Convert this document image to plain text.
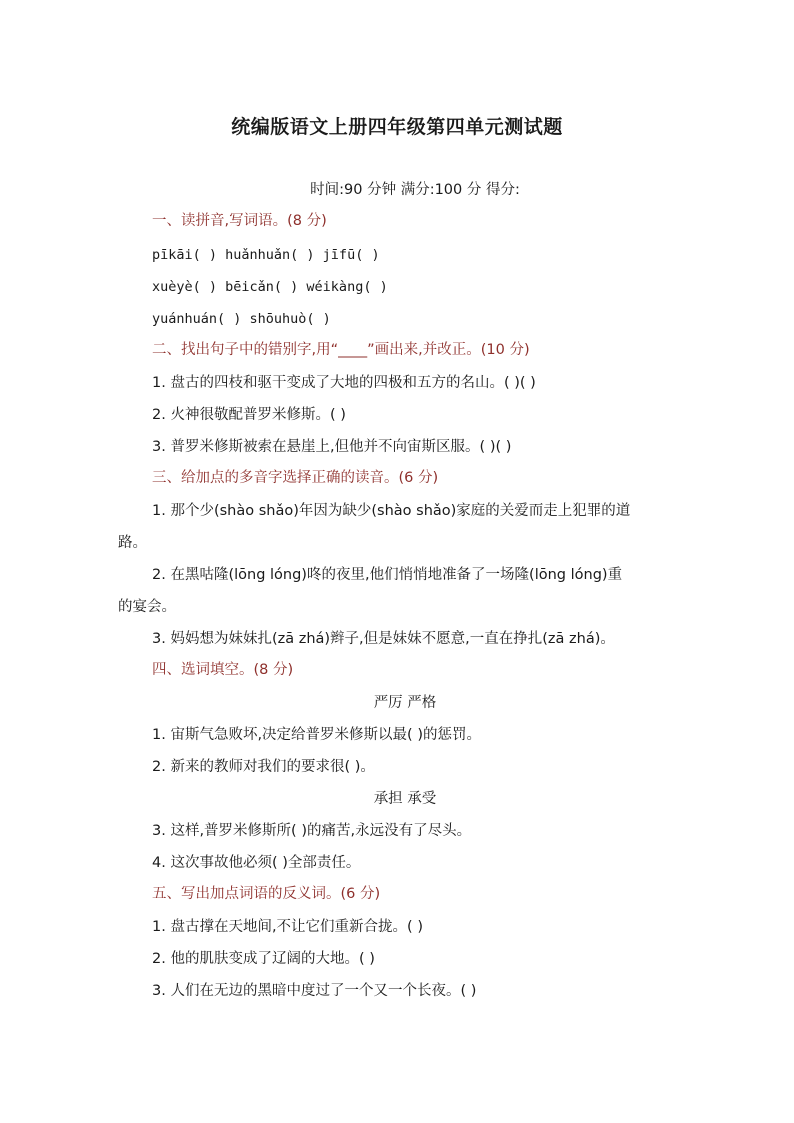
统编版语文上册四年级第四单元测试题
时间:90 分钟 满分:100 分 得分:
一、读拼音,写词语。(8 分)
pīkāi( ) huǎnhuǎn( ) jīfū( )
xuèyè( ) bēicǎn( ) wéikàng( )
yuánhuán( ) shōuhuò( )
二、找出句子中的错别字,用“____”画出来,并改正。(10 分)
1. 盘古的四枝和驱干变成了大地的四极和五方的名山。( )( )
2. 火神很敬配普罗米修斯。( )
3. 普罗米修斯被索在悬崖上,但他并不向宙斯区服。( )( )
三、给加点的多音字选择正确的读音。(6 分)
1. 那个少(shào shǎo)年因为缺少(shào shǎo)家庭的关爱而走上犯罪的道
路。
2. 在黑咕隆(lōng lóng)咚的夜里,他们悄悄地准备了一场隆(lōng lóng)重
的宴会。
3. 妈妈想为妹妹扎(zā zhá)辫子,但是妹妹不愿意,一直在挣扎(zā zhá)。
四、选词填空。(8 分)
严厉 严格
1. 宙斯气急败坏,决定给普罗米修斯以最( )的惩罚。
2. 新来的教师对我们的要求很( )。
承担 承受
3. 这样,普罗米修斯所( )的痛苦,永远没有了尽头。
4. 这次事故他必须( )全部责任。
五、写出加点词语的反义词。(6 分)
1. 盘古撑在天地间,不让它们重新合拢。( )
2. 他的肌肤变成了辽阔的大地。( )
3. 人们在无边的黑暗中度过了一个又一个长夜。( )
